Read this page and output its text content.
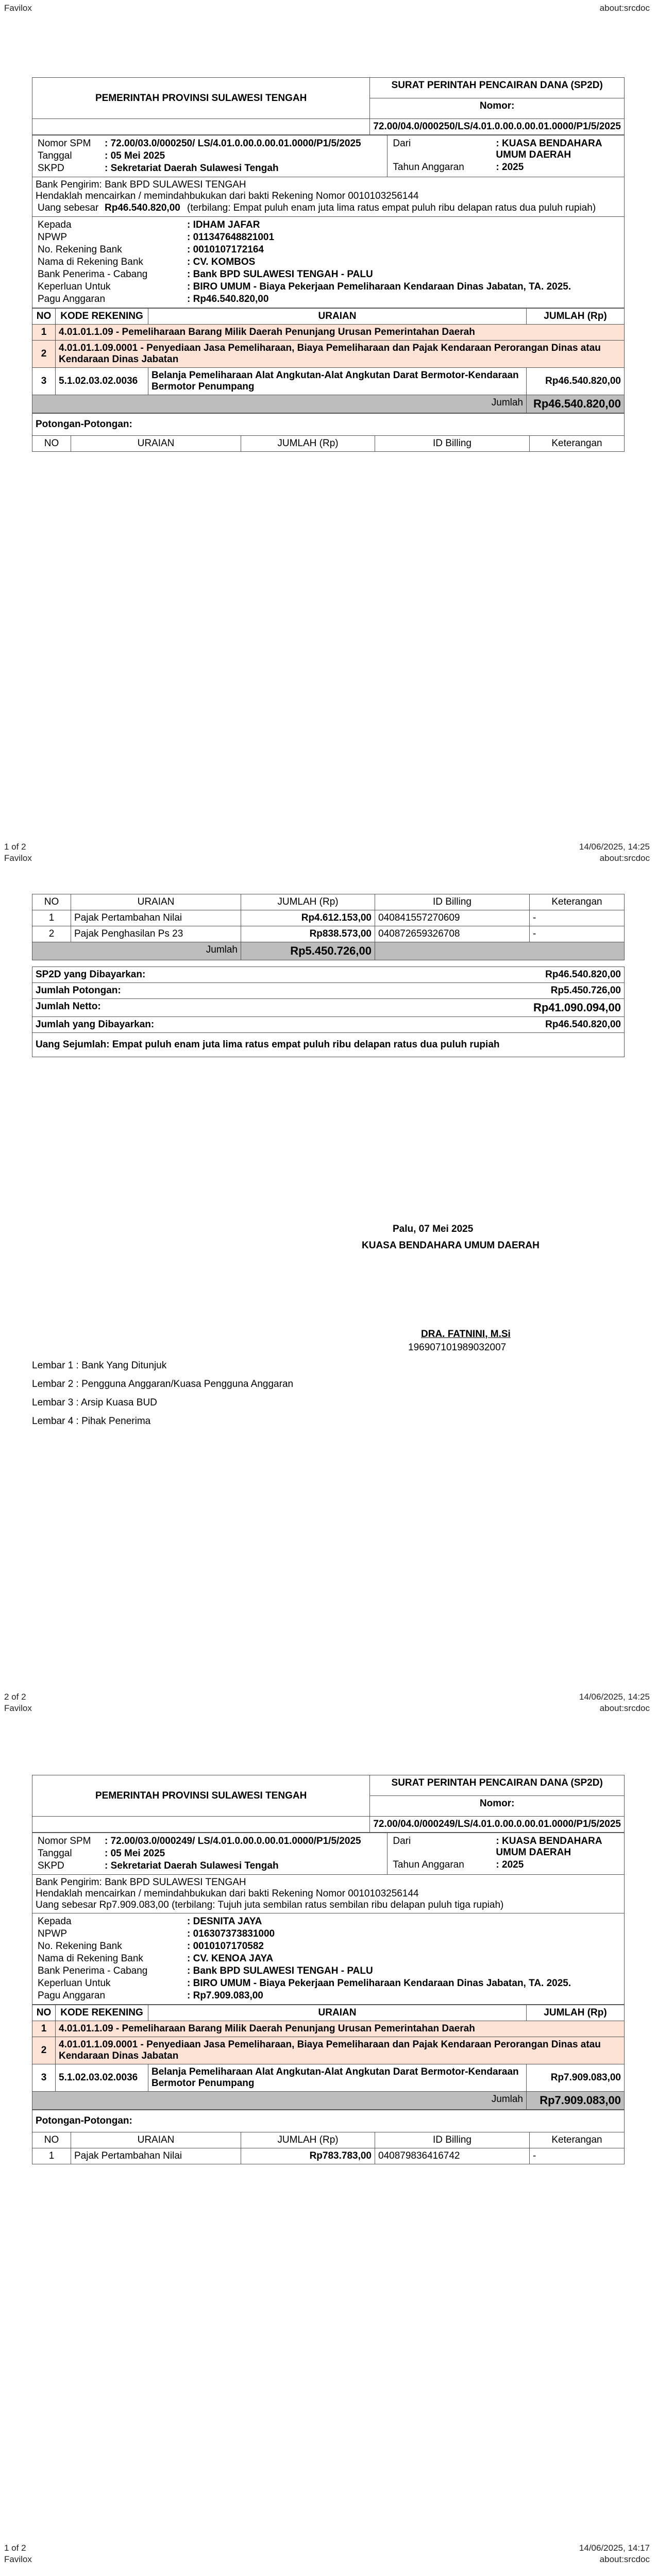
Favilox	about:srcdoc
PEMERINTAH PROVINSI SULAWESI TENGAH	SURAT PERINTAH PENCAIRAN DANA (SP2D)
	Nomor:
	72.00/04.0/000250/LS/4.01.0.00.0.00.01.0000/P1/5/2025
Nomor SPM	: 72.00/03.0/000250/ LS/4.01.0.00.0.00.01.0000/P1/5/2025
Tanggal	: 05 Mei 2025
SKPD	: Sekretariat Daerah Sulawesi Tengah

Dari	: KUASA BENDAHARA UMUM DAERAH
Tahun Anggaran	: 2025

Bank Pengirim: Bank BPD SULAWESI TENGAH
Hendaklah mencairkan / memindahbukukan dari bakti Rekening Nomor 0010103256144
Uang sebesar	Rp46.540.820,00	(terbilang: Empat puluh enam juta lima ratus empat puluh ribu delapan ratus dua puluh rupiah)

Kepada	: IDHAM JAFAR
NPWP	: 011347648821001
No. Rekening Bank	: 0010107172164
Nama di Rekening Bank	: CV. KOMBOS
Bank Penerima - Cabang	: Bank BPD SULAWESI TENGAH - PALU
Keperluan Untuk	: BIRO UMUM - Biaya Pekerjaan Pemeliharaan Kendaraan Dinas Jabatan, TA. 2025.
Pagu Anggaran	: Rp46.540.820,00
NO	KODE REKENING	URAIAN	JUMLAH (Rp)
1	4.01.01.1.09 - Pemeliharaan Barang Milik Daerah Penunjang Urusan Pemerintahan Daerah		
2	4.01.01.1.09.0001 - Penyediaan Jasa Pemeliharaan, Biaya Pemeliharaan dan Pajak Kendaraan Perorangan Dinas atau Kendaraan Dinas Jabatan		
3	5.1.02.03.02.0036	Belanja Pemeliharaan Alat Angkutan-Alat Angkutan Darat Bermotor-Kendaraan Bermotor Penumpang	Rp46.540.820,00
Jumlah			Rp46.540.820,00
Potongan-Potongan:
NO	URAIAN	JUMLAH (Rp)	ID Billing	Keterangan
1 of 2	14/06/2025, 14:25
Favilox	about:srcdoc
NO	URAIAN	JUMLAH (Rp)	ID Billing	Keterangan
1	Pajak Pertambahan Nilai	Rp4.612.153,00	040841557270609	-
2	Pajak Penghasilan Ps 23	Rp838.573,00	040872659326708	-
Jumlah		Rp5.450.726,00		
SP2D yang Dibayarkan:	Rp46.540.820,00
Jumlah Potongan:	Rp5.450.726,00
Jumlah Netto:	Rp41.090.094,00
Jumlah yang Dibayarkan:	Rp46.540.820,00
Uang Sejumlah: Empat puluh enam juta lima ratus empat puluh ribu delapan ratus dua puluh rupiah	
Palu, 07 Mei 2025
KUASA BENDAHARA UMUM DAERAH
DRA. FATNINI, M.Si
196907101989032007
Lembar 1 : Bank Yang Ditunjuk
Lembar 2 : Pengguna Anggaran/Kuasa Pengguna Anggaran
Lembar 3 : Arsip Kuasa BUD
Lembar 4 : Pihak Penerima
2 of 2	14/06/2025, 14:25
Favilox	about:srcdoc
PEMERINTAH PROVINSI SULAWESI TENGAH	SURAT PERINTAH PENCAIRAN DANA (SP2D)
	Nomor:
	72.00/04.0/000249/LS/4.01.0.00.0.00.01.0000/P1/5/2025
Nomor SPM	: 72.00/03.0/000249/ LS/4.01.0.00.0.00.01.0000/P1/5/2025
Tanggal	: 05 Mei 2025
SKPD	: Sekretariat Daerah Sulawesi Tengah

Dari	: KUASA BENDAHARA UMUM DAERAH
Tahun Anggaran	: 2025

Bank Pengirim: Bank BPD SULAWESI TENGAH
Hendaklah mencairkan / memindahbukukan dari bakti Rekening Nomor 0010103256144
Uang sebesar Rp7.909.083,00 (terbilang: Tujuh juta sembilan ratus sembilan ribu delapan puluh tiga rupiah)

Kepada	: DESNITA JAYA
NPWP	: 016307373831000
No. Rekening Bank	: 0010107170582
Nama di Rekening Bank	: CV. KENOA JAYA
Bank Penerima - Cabang	: Bank BPD SULAWESI TENGAH - PALU
Keperluan Untuk	: BIRO UMUM - Biaya Pekerjaan Pemeliharaan Kendaraan Dinas Jabatan, TA. 2025.
Pagu Anggaran	: Rp7.909.083,00
NO	KODE REKENING	URAIAN	JUMLAH (Rp)
1	4.01.01.1.09 - Pemeliharaan Barang Milik Daerah Penunjang Urusan Pemerintahan Daerah		
2	4.01.01.1.09.0001 - Penyediaan Jasa Pemeliharaan, Biaya Pemeliharaan dan Pajak Kendaraan Perorangan Dinas atau Kendaraan Dinas Jabatan		
3	5.1.02.03.02.0036	Belanja Pemeliharaan Alat Angkutan-Alat Angkutan Darat Bermotor-Kendaraan Bermotor Penumpang	Rp7.909.083,00
Jumlah			Rp7.909.083,00
Potongan-Potongan:				
NO	URAIAN	JUMLAH (Rp)	ID Billing	Keterangan
1	Pajak Pertambahan Nilai	Rp783.783,00	040879836416742	-
1 of 2	14/06/2025, 14:17
Favilox	about:srcdoc
